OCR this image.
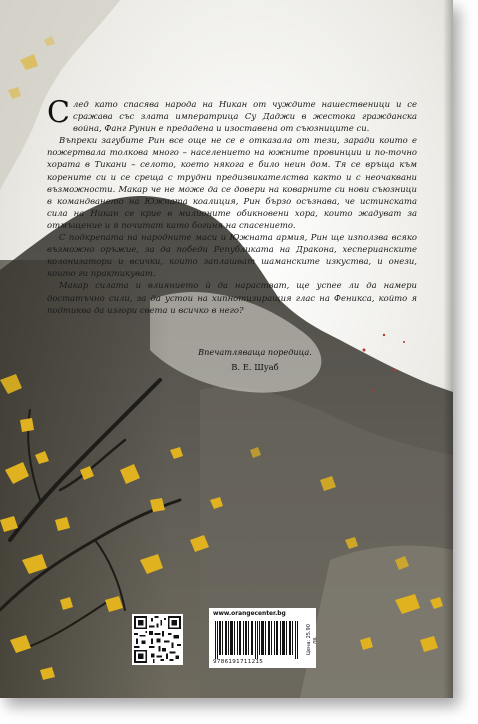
След като спасява народа на Никан от чуждите нашественици и се сражава със злата императрица Су Даджи в жестока гражданска война, Фанг Рунин е предадена и изоставена от съюзниците си.

Въпреки загубите Рин все още не се е отказала от тези, заради които е пожертвала толкова много – населението на южните провинции и по-точно хората в Тикани – селото, което някога е било неин дом. Тя се връща към корените си и се среща с трудни предизвикателства както и с неочаквани възможности. Макар че не може да се довери на коварните си нови съюзници в командването на Южната коалиция, Рин бързо осъзнава, че истинската сила на Никан се крие в милионите обикновени хора, които жадуват за отмъщение и я почитат като богиня на спасението.

С подкрепата на народните маси и Южната армия, Рин ще използва всяко възможно оръжие, за да победи Републиката на Дракона, хесперианските колонизатори и всички, които заплашват шаманските изкуства, и онези, които ги практикуват.

Макар силата и влиянието ѝ да нарастват, ще успее ли да намери достатъчно сили, за да устои на хипнотизиращия глас на Феникса, който я подтиква да изгори света и всичко в него?

Впечатляваща поредица.
В. Е. Шуаб
www.orangecenter.bg
9786191711215
Цена: 25.90 лв.
